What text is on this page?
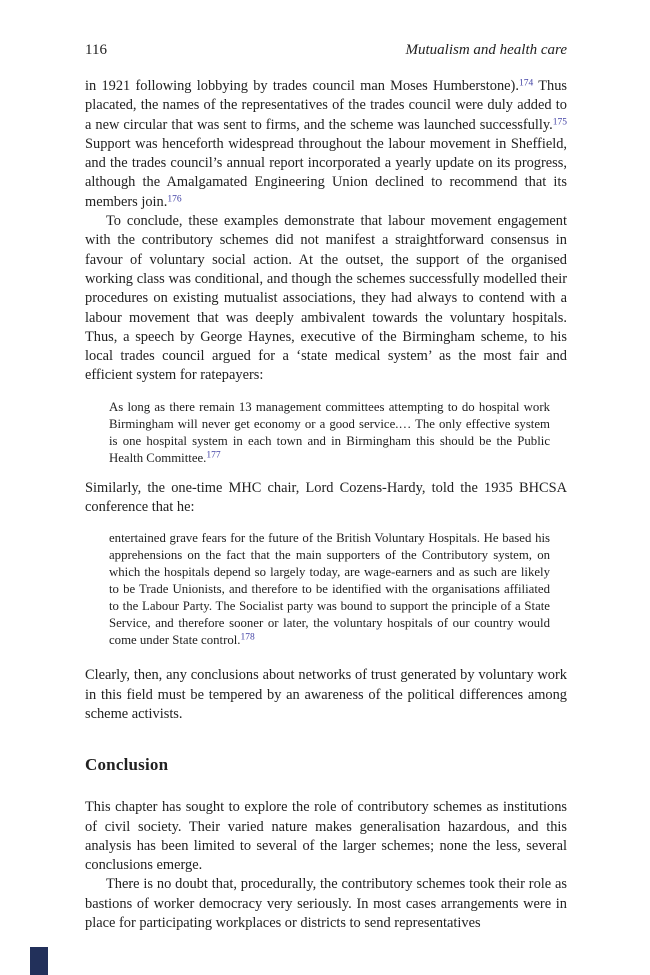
116	Mutualism and health care

in 1921 following lobbying by trades council man Moses Humberstone).$^{174}$ Thus placated, the names of the representatives of the trades council were duly added to a new circular that was sent to firms, and the scheme was launched successfully.$^{175}$ Support was henceforth widespread throughout the labour movement in Sheffield, and the trades council’s annual report incorporated a yearly update on its progress, although the Amalgamated Engineering Union declined to recommend that its members join.$^{176}$

To conclude, these examples demonstrate that labour movement engagement with the contributory schemes did not manifest a straightforward consensus in favour of voluntary social action. At the outset, the support of the organised working class was conditional, and though the schemes successfully modelled their procedures on existing mutualist associations, they had always to contend with a labour movement that was deeply ambivalent towards the voluntary hospitals. Thus, a speech by George Haynes, executive of the Birmingham scheme, to his local trades council argued for a ‘state medical system’ as the most fair and efficient system for ratepayers:

As long as there remain 13 management committees attempting to do hospital work Birmingham will never get economy or a good service.… The only effective system is one hospital system in each town and in Birmingham this should be the Public Health Committee.$^{177}$

Similarly, the one-time MHC chair, Lord Cozens-Hardy, told the 1935 BHCSA conference that he:

entertained grave fears for the future of the British Voluntary Hospitals. He based his apprehensions on the fact that the main supporters of the Contributory system, on which the hospitals depend so largely today, are wage-earners and as such are likely to be Trade Unionists, and therefore to be identified with the organisations affiliated to the Labour Party. The Socialist party was bound to support the principle of a State Service, and therefore sooner or later, the voluntary hospitals of our country would come under State control.$^{178}$

Clearly, then, any conclusions about networks of trust generated by voluntary work in this field must be tempered by an awareness of the political differences among scheme activists.

Conclusion

This chapter has sought to explore the role of contributory schemes as institutions of civil society. Their varied nature makes generalisation hazardous, and this analysis has been limited to several of the larger schemes; none the less, several conclusions emerge.

There is no doubt that, procedurally, the contributory schemes took their role as bastions of worker democracy very seriously. In most cases arrangements were in place for participating workplaces or districts to send representatives
